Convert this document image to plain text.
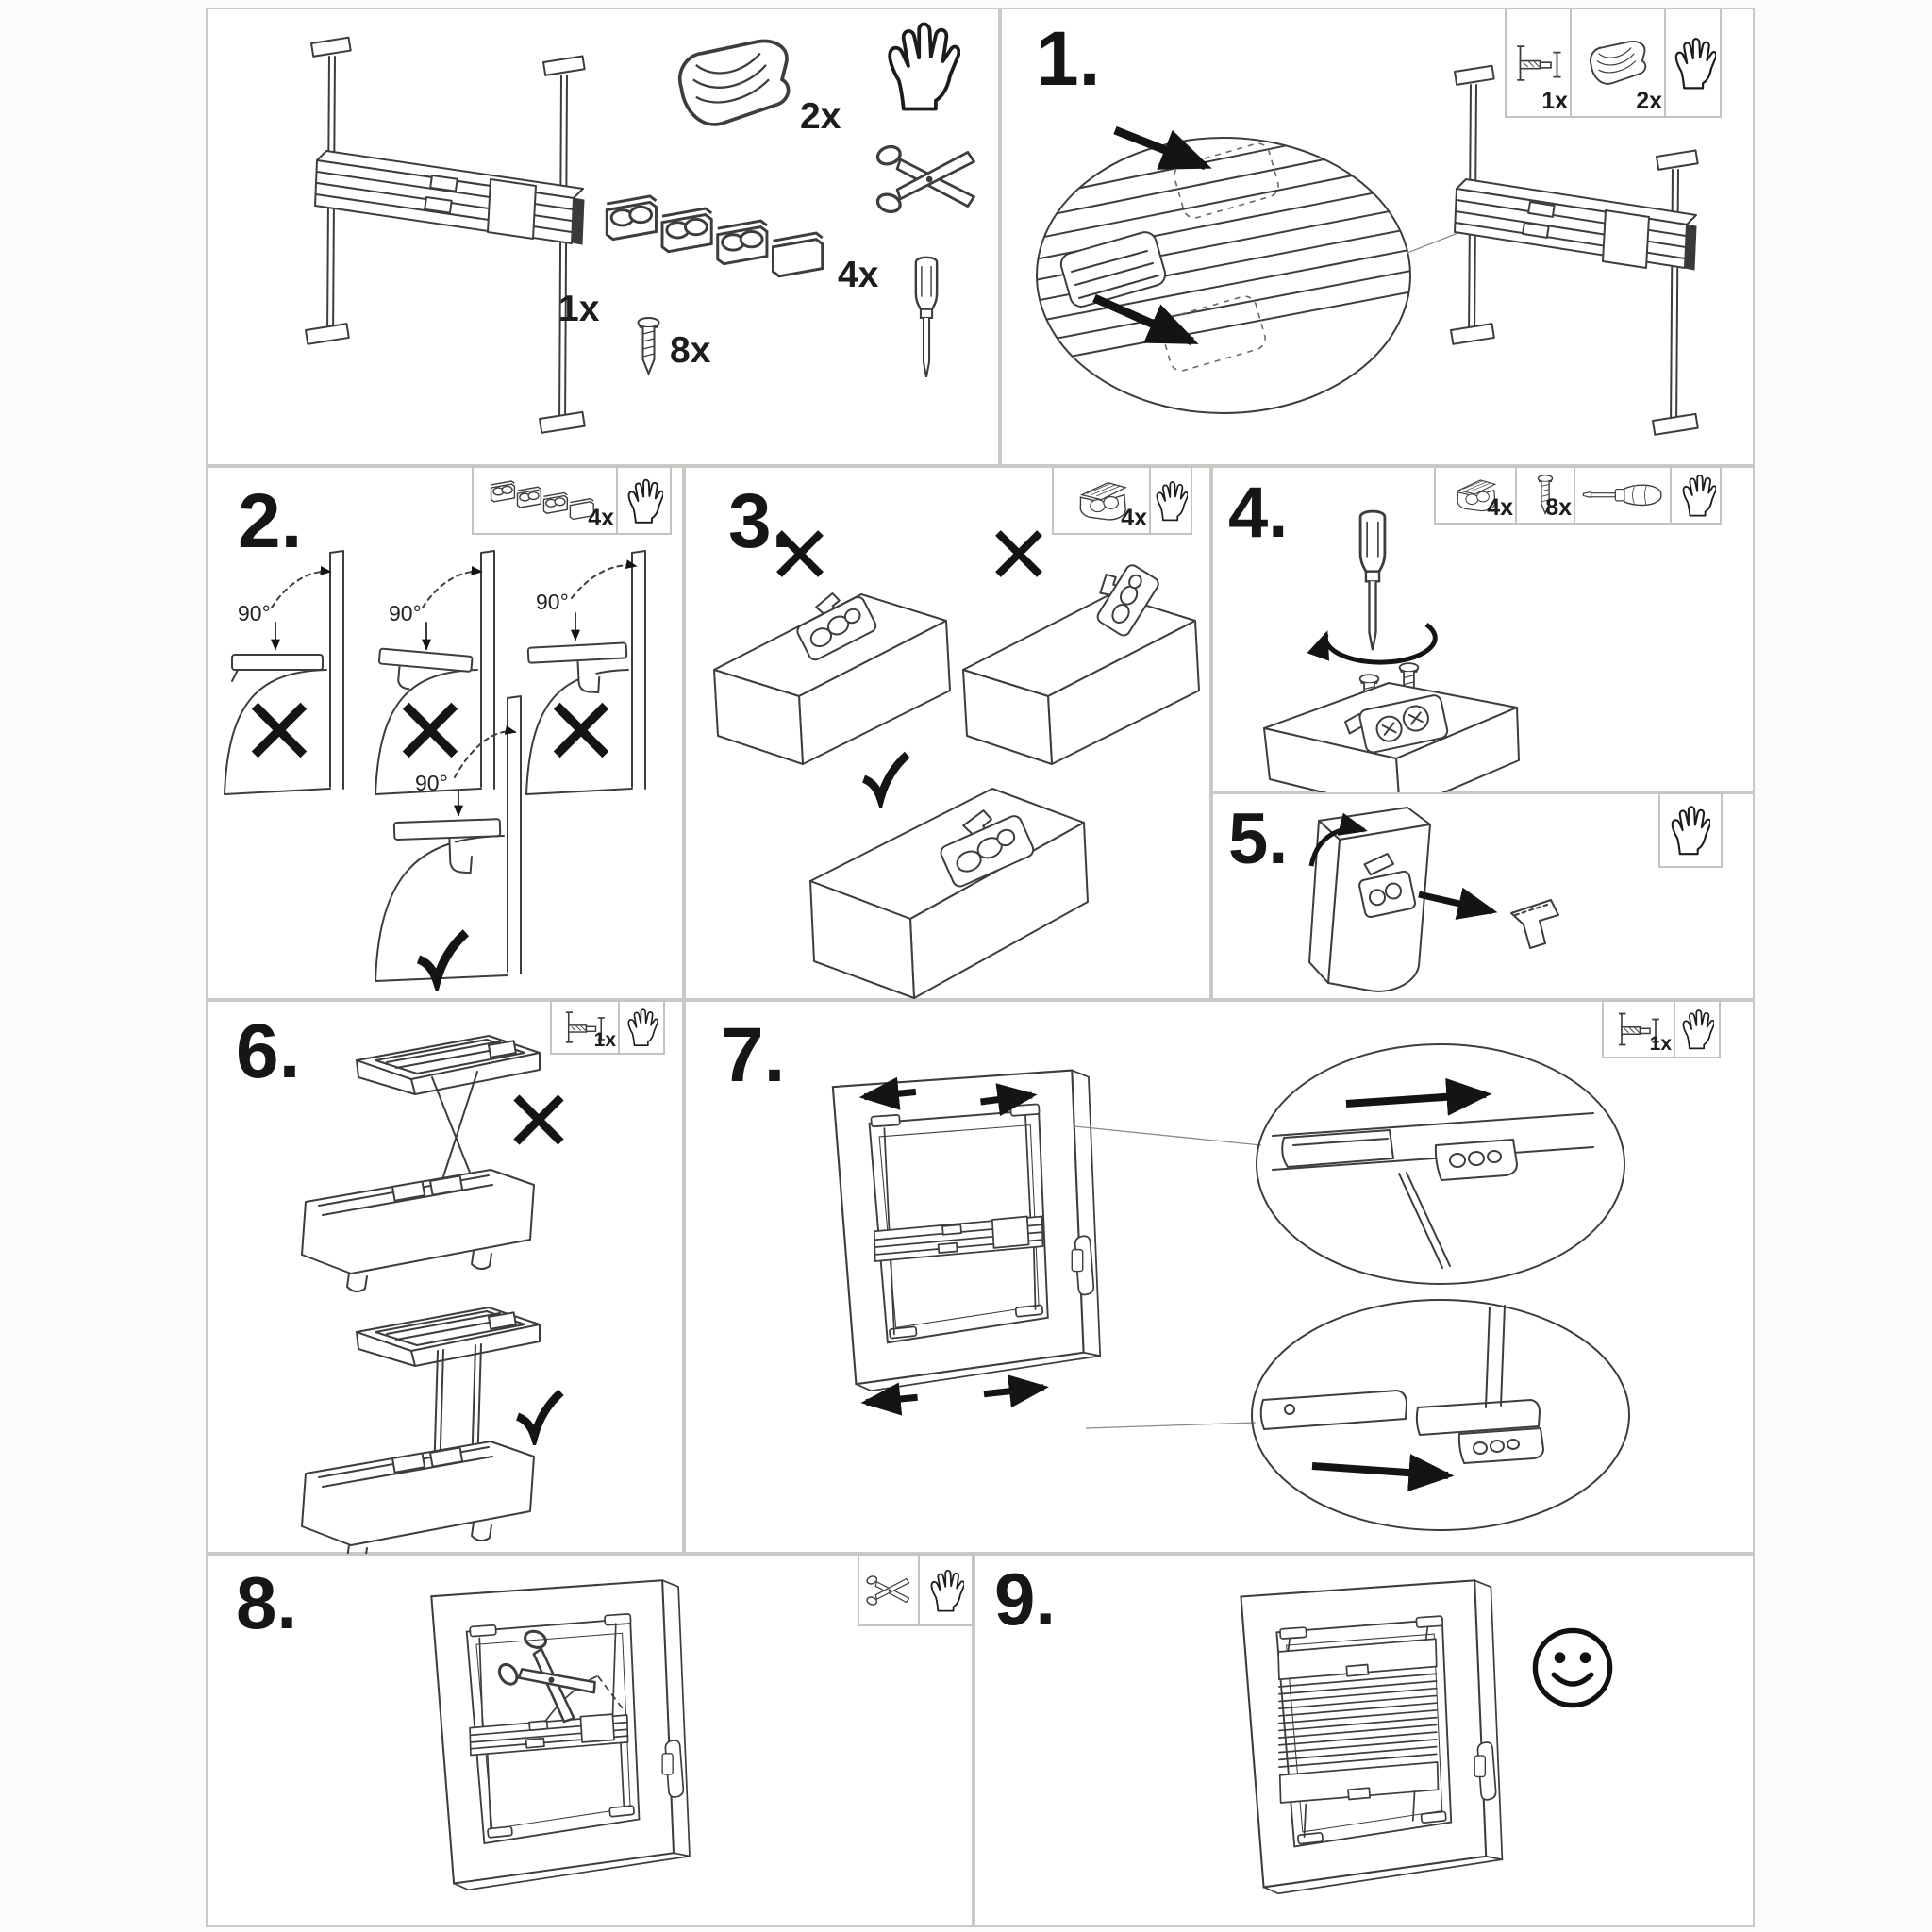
1x
2x
4x
8x
1.	1x	2x
90°	90°	90°
90°
2.	4x 3.	4x 4.	4x 8x
5.
6.	1x 7.	1x
8.	9.
